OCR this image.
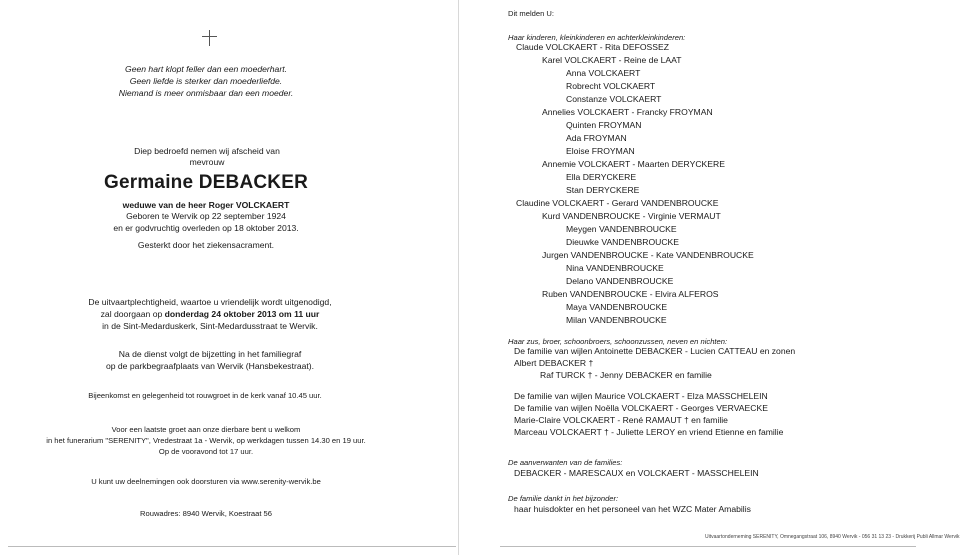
Geen hart klopt feller dan een moederhart.
Geen liefde is sterker dan moederliefde.
Niemand is meer onmisbaar dan een moeder.
Diep bedroefd nemen wij afscheid van
mevrouw
Germaine DEBACKER
weduwe van de heer Roger VOLCKAERT
Geboren te Wervik op 22 september 1924
en er godvruchtig overleden op 18 oktober 2013.
Gesterkt door het ziekensacrament.
De uitvaartplechtigheid, waartoe u vriendelijk wordt uitgenodigd,
zal doorgaan op donderdag 24 oktober 2013 om 11 uur
in de Sint-Medarduskerk, Sint-Medardusstraat te Wervik.
Na de dienst volgt de bijzetting in het familiegraf
op de parkbegraafplaats van Wervik (Hansbekestraat).
Bijeenkomst en gelegenheid tot rouwgroet in de kerk vanaf 10.45 uur.
Voor een laatste groet aan onze dierbare bent u welkom
in het funerarium "SERENITY", Vredestraat 1a - Wervik, op werkdagen tussen 14.30 en 19 uur.
Op de vooravond tot 17 uur.
U kunt uw deelnemingen ook doorsturen via www.serenity-wervik.be
Rouwadres: 8940 Wervik, Koestraat 56
Dit melden U:
Haar kinderen, kleinkinderen en achterkleinkinderen:
Claude VOLCKAERT - Rita DEFOSSEZ
Karel VOLCKAERT - Reine de LAAT
Anna VOLCKAERT
Robrecht VOLCKAERT
Constanze VOLCKAERT
Annelies VOLCKAERT - Francky FROYMAN
Quinten FROYMAN
Ada FROYMAN
Eloise FROYMAN
Annemie VOLCKAERT - Maarten DERYCKERE
Ella DERYCKERE
Stan DERYCKERE
Claudine VOLCKAERT - Gerard VANDENBROUCKE
Kurd VANDENBROUCKE - Virginie VERMAUT
Meygen VANDENBROUCKE
Dieuwke VANDENBROUCKE
Jurgen VANDENBROUCKE - Kate VANDENBROUCKE
Nina VANDENBROUCKE
Delano VANDENBROUCKE
Ruben VANDENBROUCKE - Elvira ALFEROS
Maya VANDENBROUCKE
Milan VANDENBROUCKE
Haar zus, broer, schoonbroers, schoonzussen, neven en nichten:
De familie van wijlen Antoinette DEBACKER - Lucien CATTEAU en zonen
Albert DEBACKER †
Raf TURCK † - Jenny DEBACKER en familie
De familie van wijlen Maurice VOLCKAERT - Elza MASSCHELEIN
De familie van wijlen Noëlla VOLCKAERT - Georges VERVAECKE
Marie-Claire VOLCKAERT - René RAMAUT † en familie
Marceau VOLCKAERT † - Juliette LEROY en vriend Etienne en familie
De aanverwanten van de families:
DEBACKER - MARESCAUX en VOLCKAERT - MASSCHELEIN
De familie dankt in het bijzonder:
haar huisdokter en het personeel van het WZC Mater Amabilis
Uitvaartonderneming SERENITY, Omnegangstraat 106, 8940 Wervik - 056 31 13 23 - Drukkerij Publi Allmar Wervik
